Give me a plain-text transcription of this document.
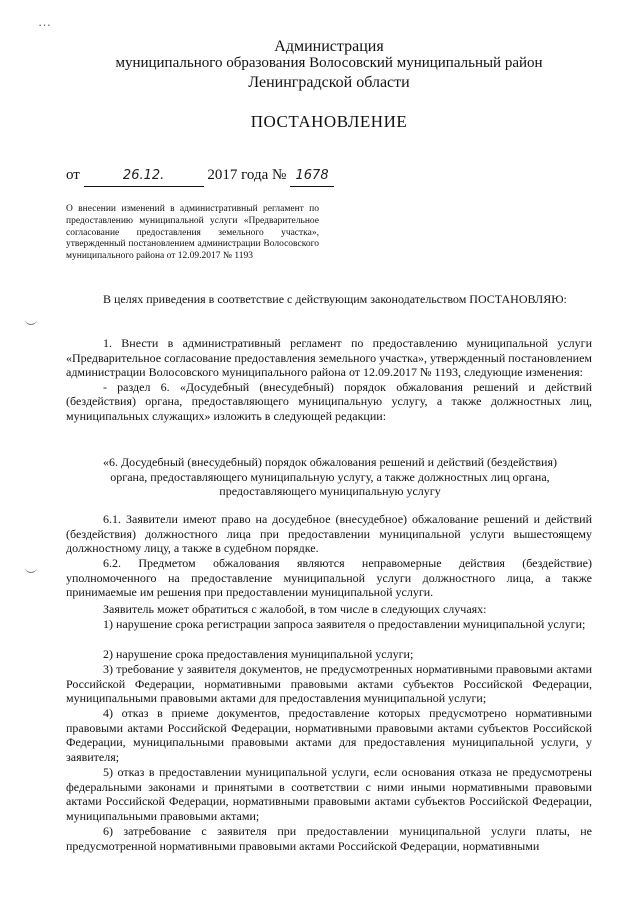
…
Администрация
муниципального образования Волосовский муниципальный район
Ленинградской области
ПОСТАНОВЛЕНИЕ
от	26.12.	2017 года № 1678
О внесении изменений в административный регламент по предоставлению муниципальной услуги «Предварительное согласование предоставления земельного участка», утвержденный постановлением администрации Волосовского муниципального района от 12.09.2017 № 1193
В целях приведения в соответствие с действующим законодательством ПОСТАНОВЛЯЮ:
1. Внести в административный регламент по предоставлению муниципальной услуги «Предварительное согласование предоставления земельного участка», утвержденный постановлением администрации Волосовского муниципального района от 12.09.2017 № 1193, следующие изменения:
- раздел 6. «Досудебный (внесудебный) порядок обжалования решений и действий (бездействия) органа, предоставляющего муниципальную услугу, а также должностных лиц, муниципальных служащих» изложить в следующей редакции:
«6. Досудебный (внесудебный) порядок обжалования решений и действий (бездействия) органа, предоставляющего муниципальную услугу, а также должностных лиц органа, предоставляющего муниципальную услугу
6.1. Заявители имеют право на досудебное (внесудебное) обжалование решений и действий (бездействия) должностного лица при предоставлении муниципальной услуги вышестоящему должностному лицу, а также в судебном порядке.
6.2. Предметом обжалования являются неправомерные действия (бездействие) уполномоченного на предоставление муниципальной услуги должностного лица, а также принимаемые им решения при предоставлении муниципальной услуги.
Заявитель может обратиться с жалобой, в том числе в следующих случаях:
1) нарушение срока регистрации запроса заявителя о предоставлении муниципальной услуги;
2) нарушение срока предоставления муниципальной услуги;
3) требование у заявителя документов, не предусмотренных нормативными правовыми актами Российской Федерации, нормативными правовыми актами субъектов Российской Федерации, муниципальными правовыми актами для предоставления муниципальной услуги;
4) отказ в приеме документов, предоставление которых предусмотрено нормативными правовыми актами Российской Федерации, нормативными правовыми актами субъектов Российской Федерации, муниципальными правовыми актами для предоставления муниципальной услуги, у заявителя;
5) отказ в предоставлении муниципальной услуги, если основания отказа не предусмотрены федеральными законами и принятыми в соответствии с ними иными нормативными правовыми актами Российской Федерации, нормативными правовыми актами субъектов Российской Федерации, муниципальными правовыми актами;
6) затребование с заявителя при предоставлении муниципальной услуги платы, не предусмотренной нормативными правовыми актами Российской Федерации, нормативными
